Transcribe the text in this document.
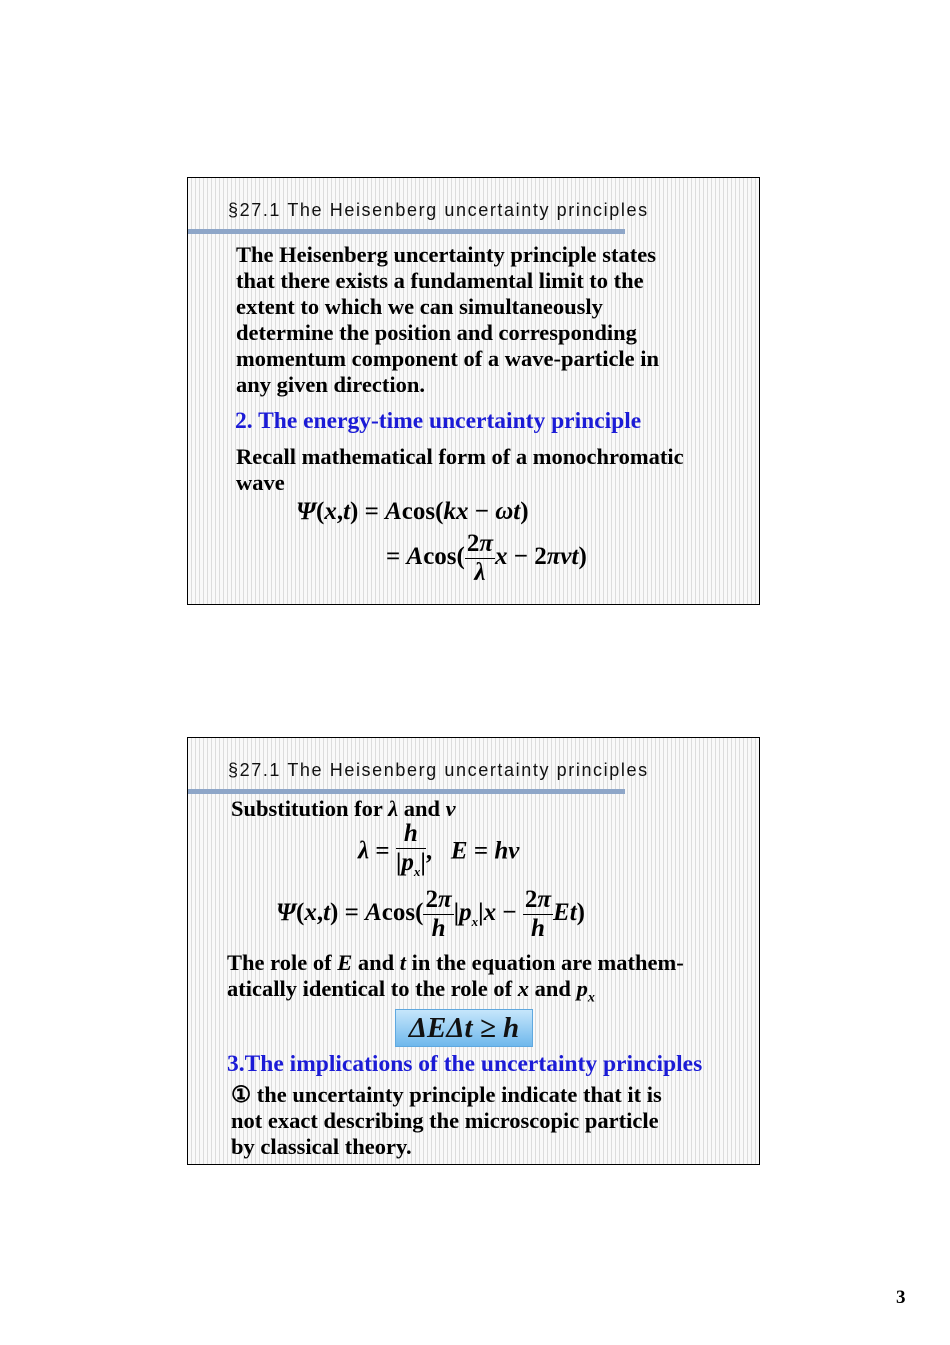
§27.1 The Heisenberg uncertainty principles
The Heisenberg uncertainty principle states
that there exists a fundamental limit to the
extent to which we can simultaneously
determine the position and corresponding
momentum component of a wave-particle in
any given direction.
2. The energy-time uncertainty principle
Recall mathematical form of a monochromatic
wave
Ψ(x,t) = Acos(kx − ωt)
= $Acos( \frac{2\pi}{\lambda}$ x − 2πνt)
§27.1 The Heisenberg uncertainty principles
Substitution for λ and ν
$\lambda = \frac{h}{|p_x|}$ ,   E = hν
$\Psi(x,t) = Acos( \frac{2\pi}{h} |p_x|x - \frac{2\pi}{h} Et)$
The role of E and t in the equation are mathem-
atically identical to the role of x and $p_x$
ΔEΔt ≥ h
3.The implications of the uncertainty principles
① the uncertainty principle indicate that it is
not exact describing the microscopic particle
by classical theory.
3
